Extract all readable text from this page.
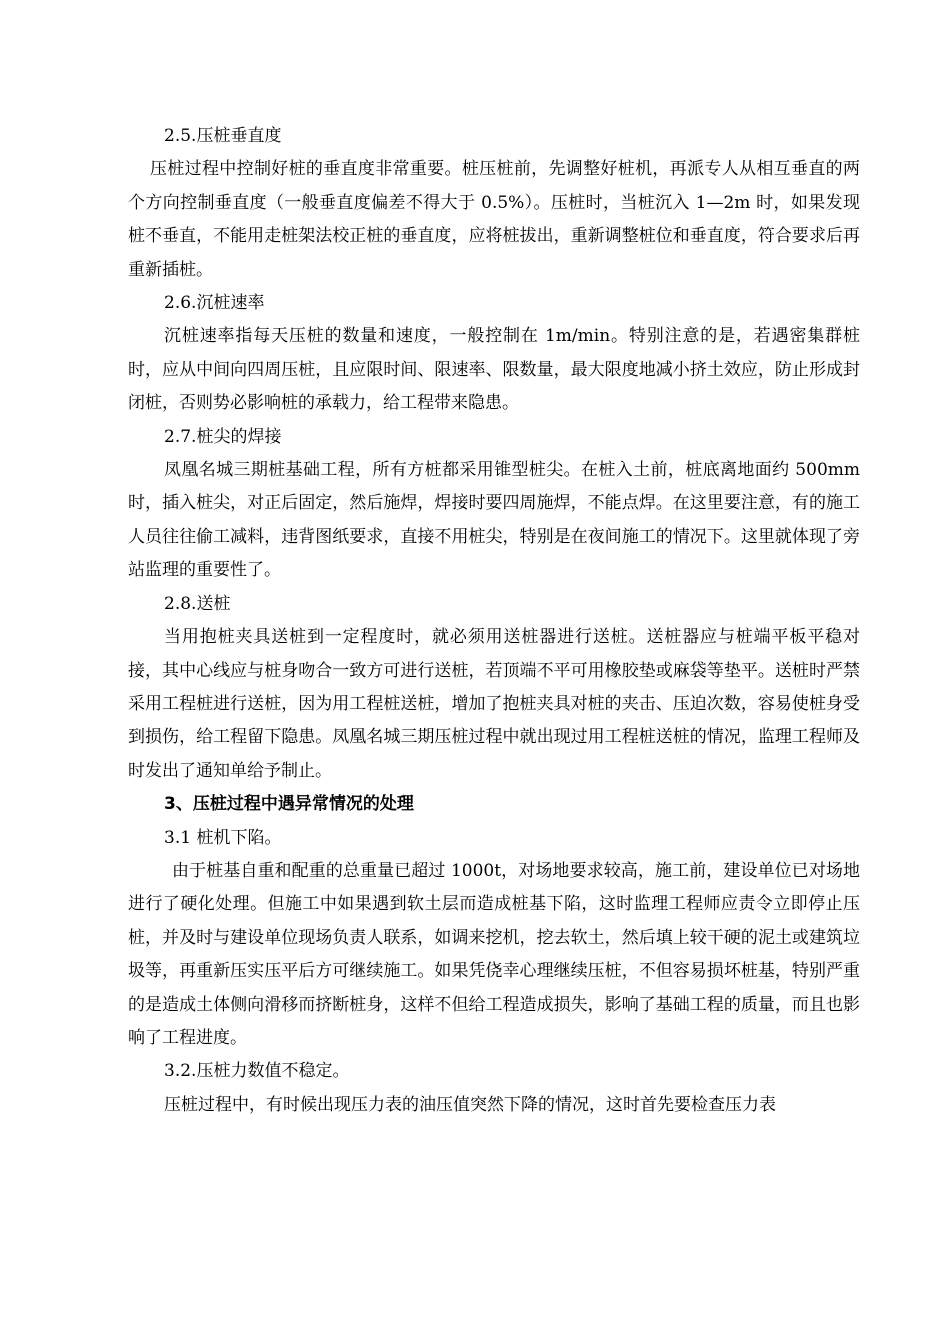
2.5.压桩垂直度

压桩过程中控制好桩的垂直度非常重要。桩压桩前，先调整好桩机，再派专人从相互垂直的两个方向控制垂直度（一般垂直度偏差不得大于 0.5%）。压桩时，当桩沉入 1—2m 时，如果发现桩不垂直，不能用走桩架法校正桩的垂直度，应将桩拔出，重新调整桩位和垂直度，符合要求后再重新插桩。

2.6.沉桩速率

沉桩速率指每天压桩的数量和速度，一般控制在 1m/min。特别注意的是，若遇密集群桩时，应从中间向四周压桩，且应限时间、限速率、限数量，最大限度地减小挤土效应，防止形成封闭桩，否则势必影响桩的承载力，给工程带来隐患。

2.7.桩尖的焊接

凤凰名城三期桩基础工程，所有方桩都采用锥型桩尖。在桩入土前，桩底离地面约 500mm 时，插入桩尖，对正后固定，然后施焊，焊接时要四周施焊，不能点焊。在这里要注意，有的施工人员往往偷工减料，违背图纸要求，直接不用桩尖，特别是在夜间施工的情况下。这里就体现了旁站监理的重要性了。

2.8.送桩

当用抱桩夹具送桩到一定程度时，就必须用送桩器进行送桩。送桩器应与桩端平板平稳对接，其中心线应与桩身吻合一致方可进行送桩，若顶端不平可用橡胶垫或麻袋等垫平。送桩时严禁采用工程桩进行送桩，因为用工程桩送桩，增加了抱桩夹具对桩的夹击、压迫次数，容易使桩身受到损伤，给工程留下隐患。凤凰名城三期压桩过程中就出现过用工程桩送桩的情况，监理工程师及时发出了通知单给予制止。

3、压桩过程中遇异常情况的处理

3.1 桩机下陷。

由于桩基自重和配重的总重量已超过 1000t，对场地要求较高，施工前，建设单位已对场地进行了硬化处理。但施工中如果遇到软土层而造成桩基下陷，这时监理工程师应责令立即停止压桩，并及时与建设单位现场负责人联系，如调来挖机，挖去软土，然后填上较干硬的泥土或建筑垃圾等，再重新压实压平后方可继续施工。如果凭侥幸心理继续压桩，不但容易损坏桩基，特别严重的是造成土体侧向滑移而挤断桩身，这样不但给工程造成损失，影响了基础工程的质量，而且也影响了工程进度。

3.2.压桩力数值不稳定。

压桩过程中，有时候出现压力表的油压值突然下降的情况，这时首先要检查压力表
